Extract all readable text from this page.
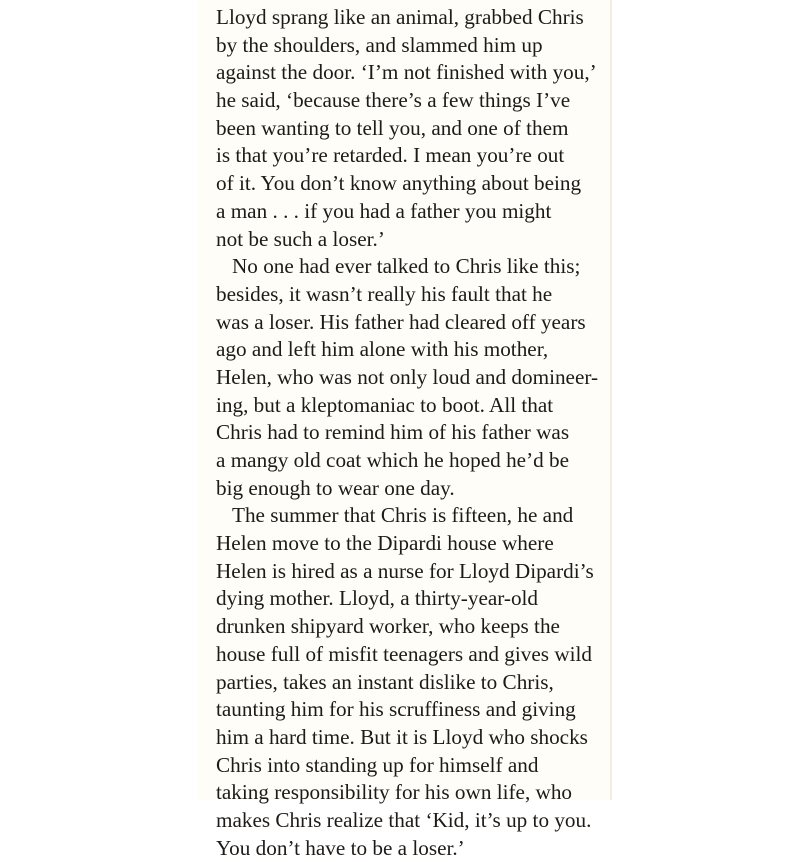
Lloyd sprang like an animal, grabbed Chris
by the shoulders, and slammed him up
against the door. ‘I’m not finished with you,’
he said, ‘because there’s a few things I’ve
been wanting to tell you, and one of them
is that you’re retarded. I mean you’re out
of it. You don’t know anything about being
a man . . . if you had a father you might
not be such a loser.’
No one had ever talked to Chris like this;
besides, it wasn’t really his fault that he
was a loser. His father had cleared off years
ago and left him alone with his mother,
Helen, who was not only loud and domineer-
ing, but a kleptomaniac to boot. All that
Chris had to remind him of his father was
a mangy old coat which he hoped he’d be
big enough to wear one day.
The summer that Chris is fifteen, he and
Helen move to the Dipardi house where
Helen is hired as a nurse for Lloyd Dipardi’s
dying mother. Lloyd, a thirty-year-old
drunken shipyard worker, who keeps the
house full of misfit teenagers and gives wild
parties, takes an instant dislike to Chris,
taunting him for his scruffiness and giving
him a hard time. But it is Lloyd who shocks
Chris into standing up for himself and
taking responsibility for his own life, who
makes Chris realize that ‘Kid, it’s up to you.
You don’t have to be a loser.’
